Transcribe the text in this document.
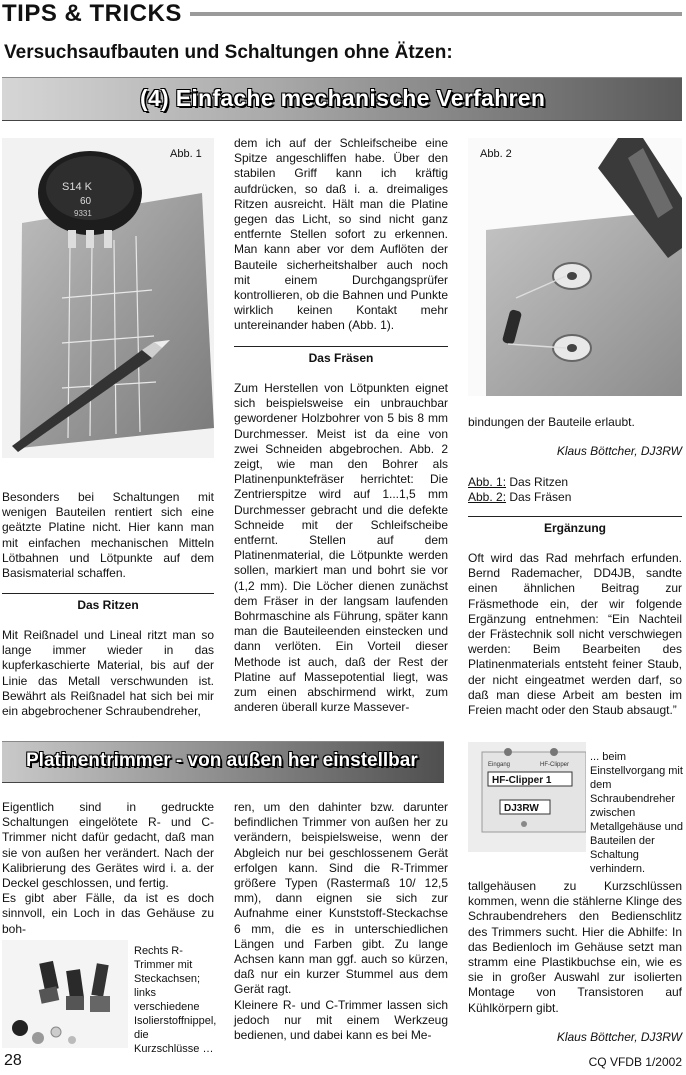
TIPS & TRICKS
Versuchsaufbauten und Schaltungen ohne Ätzen:
(4) Einfache mechanische Verfahren
S14 K
60
9331
Abb. 1

Besonders bei Schaltungen mit wenigen Bauteilen rentiert sich eine geätzte Platine nicht. Hier kann man mit einfachen mechanischen Mitteln Lötbahnen und Lötpunkte auf dem Basismaterial schaffen.

Das Ritzen

Mit Reißnadel und Lineal ritzt man so lange immer wieder in das kupferkaschierte Material, bis auf der Linie das Metall verschwunden ist. Bewährt als Reißnadel hat sich bei mir ein abgebrochener Schraubendreher,

dem ich auf der Schleifscheibe eine Spitze angeschliffen habe. Über den stabilen Griff kann ich kräftig aufdrücken, so daß i. a. dreimaliges Ritzen ausreicht. Hält man die Platine gegen das Licht, so sind nicht ganz entfernte Stellen sofort zu erkennen. Man kann aber vor dem Auflöten der Bauteile sicherheitshalber auch noch mit einem Durchgangsprüfer kontrollieren, ob die Bahnen und Punkte wirklich keinen Kontakt mehr untereinander haben (Abb. 1).

Das Fräsen

Zum Herstellen von Lötpunkten eignet sich beispielsweise ein unbrauchbar gewordener Holzbohrer von 5 bis 8 mm Durchmesser. Meist ist da eine von zwei Schneiden abgebrochen. Abb. 2 zeigt, wie man den Bohrer als Platinenpunktefräser herrichtet: Die Zentrierspitze wird auf 1...1,5 mm Durchmesser gebracht und die defekte Schneide mit der Schleifscheibe entfernt. Stellen auf dem Platinenmaterial, die Lötpunkte werden sollen, markiert man und bohrt sie vor (1,2 mm). Die Löcher dienen zunächst dem Fräser in der langsam laufenden Bohrmaschine als Führung, später kann man die Bauteileenden einstecken und dann verlöten. Ein Vorteil dieser Methode ist auch, daß der Rest der Platine auf Massepotential liegt, was zum einen abschirmend wirkt, zum anderen überall kurze Massever-

Abb. 2

bindungen der Bauteile erlaubt.

Klaus Böttcher, DJ3RW
Abb. 1: Das Ritzen
Abb. 2: Das Fräsen
Ergänzung

Oft wird das Rad mehrfach erfunden. Bernd Rademacher, DD4JB, sandte einen ähnlichen Beitrag zur Fräsmethode ein, der wir folgende Ergänzung entnehmen: “Ein Nachteil der Frästechnik soll nicht verschwiegen werden: Beim Bearbeiten des Platinenmaterials entsteht feiner Staub, der nicht eingeatmet werden darf, so daß man diese Arbeit am besten im Freien macht oder den Staub absaugt.”

Platinentrimmer - von außen her einstellbar

Eigentlich sind in gedruckte Schaltungen eingelötete R- und C-Trimmer nicht dafür gedacht, daß man sie von außen her verändert. Nach der Kalibrierung des Gerätes wird i. a. der Deckel geschlossen, und fertig.

Es gibt aber Fälle, da ist es doch sinnvoll, ein Loch in das Gehäuse zu boh-

Rechts R-Trimmer mit Steckachsen; links verschiedene Isolierstoffnippel, die Kurzschlüsse …

ren, um den dahinter bzw. darunter befindlichen Trimmer von außen her zu verändern, beispielsweise, wenn der Abgleich nur bei geschlossenem Gerät erfolgen kann. Sind die R-Trimmer größere Typen (Rastermaß 10/ 12,5 mm), dann eignen sie sich zur Aufnahme einer Kunststoff-Steckachse 6 mm, die es in unterschiedlichen Längen und Farben gibt. Zu lange Achsen kann man ggf. auch so kürzen, daß nur ein kurzer Stummel aus dem Gerät ragt.

Kleinere R- und C-Trimmer lassen sich jedoch nur mit einem Werkzeug bedienen, und dabei kann es bei Me-

HF-Clipper 1
DJ3RW
Eingang	HF-Clipper
... beim Einstellvorgang mit dem Schraubendreher zwischen Metallgehäuse und Bauteilen der Schaltung verhindern.

tallgehäusen zu Kurzschlüssen kommen, wenn die stählerne Klinge des Schraubendrehers den Bedienschlitz des Trimmers sucht. Hier die Abhilfe: In das Bedienloch im Gehäuse setzt man stramm eine Plastikbuchse ein, wie es sie in großer Auswahl zur isolierten Montage von Transistoren auf Kühlkörpern gibt.

Klaus Böttcher, DJ3RW
28	CQ VFDB 1/2002
